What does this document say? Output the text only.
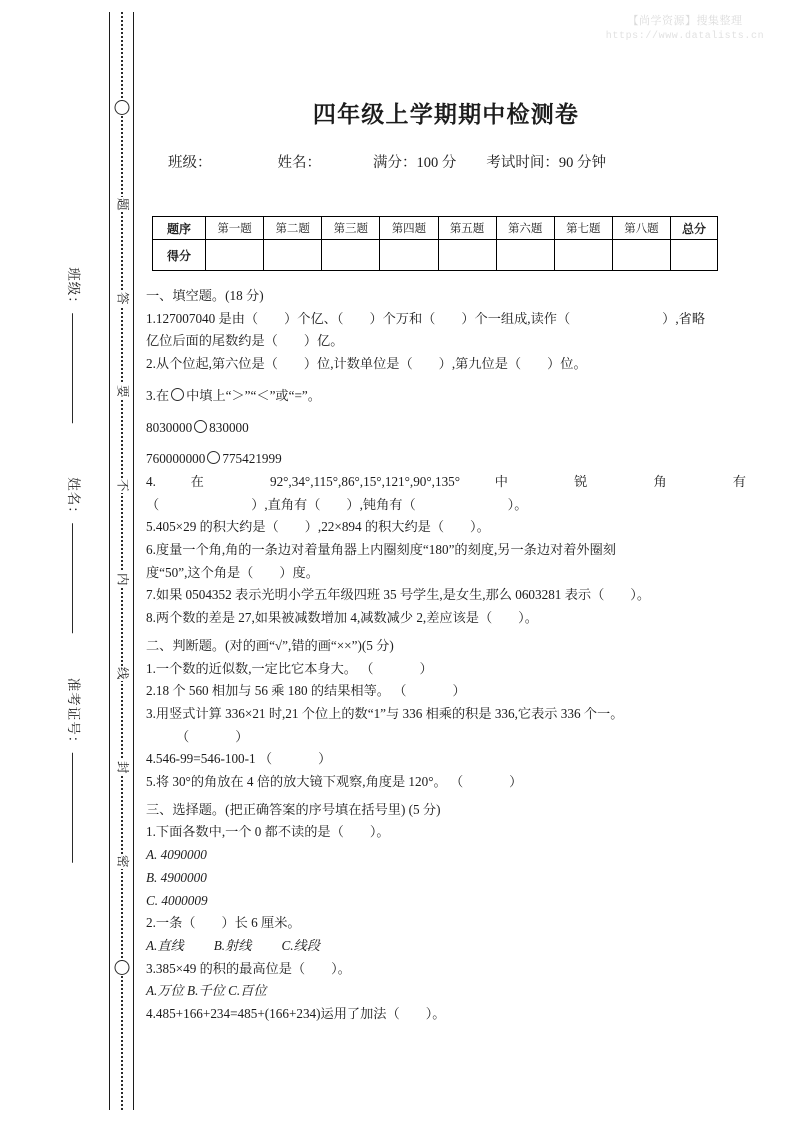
【尚学资源】搜集整理
https://www.datalists.cn
班级：
姓名：
准考证号：
题
答
要
不
内
线
封
密
四年级上学期期中检测卷
班级：	姓名：	满分：100 分 考试时间：90 分钟
题序	第一题	第二题	第三题	第四题	第五题	第六题	第七题	第八题	总分
得分									

一、填空题。(18 分)

1.127007040 是由（ ）个亿、（ ）个万和（ ）个一组成,读作（	）,省略

亿位后面的尾数约是（ ）亿。

2.从个位起,第六位是（ ）位,计数单位是（ ）,第九位是（ ）位。

3.在 中填上“＞”“＜”或“=”。

8030000 830000

760000000 775421999

4. 在 92°,34°,115°,86°,15°,121°,90°,135° 中 锐 角 有

（	）,直角有（ ）,钝角有（	）。

5.405×29 的积大约是（ ）,22×894 的积大约是（ ）。

6.度量一个角,角的一条边对着量角器上内圈刻度“180”的刻度,另一条边对着外圈刻

度“50”,这个角是（ ）度。

7.如果 0504352 表示光明小学五年级四班 35 号学生,是女生,那么 0603281 表示（ ）。

8.两个数的差是 27,如果被减数增加 4,减数减少 2,差应该是（ ）。

二、判断题。(对的画“√”,错的画“××”)(5 分)

1.一个数的近似数,一定比它本身大。 （	）

2.18 个 560 相加与 56 乘 180 的结果相等。 （	）

3.用竖式计算 336×21 时,21 个位上的数“1”与 336 相乘的积是 336,它表示 336 个一。

（	）

4.546-99=546-100-1 （	）

5.将 30°的角放在 4 倍的放大镜下观察,角度是 120°。 （	）

三、选择题。(把正确答案的序号填在括号里) (5 分)

1.下面各数中,一个 0 都不读的是（ ）。

A. 4090000

B. 4900000

C. 4000009

2.一条（ ）长 6 厘米。

A.直线 B.射线 C.线段

3.385×49 的积的最高位是（ ）。

A.万位 B.千位 C.百位

4.485+166+234=485+(166+234)运用了加法（ ）。
